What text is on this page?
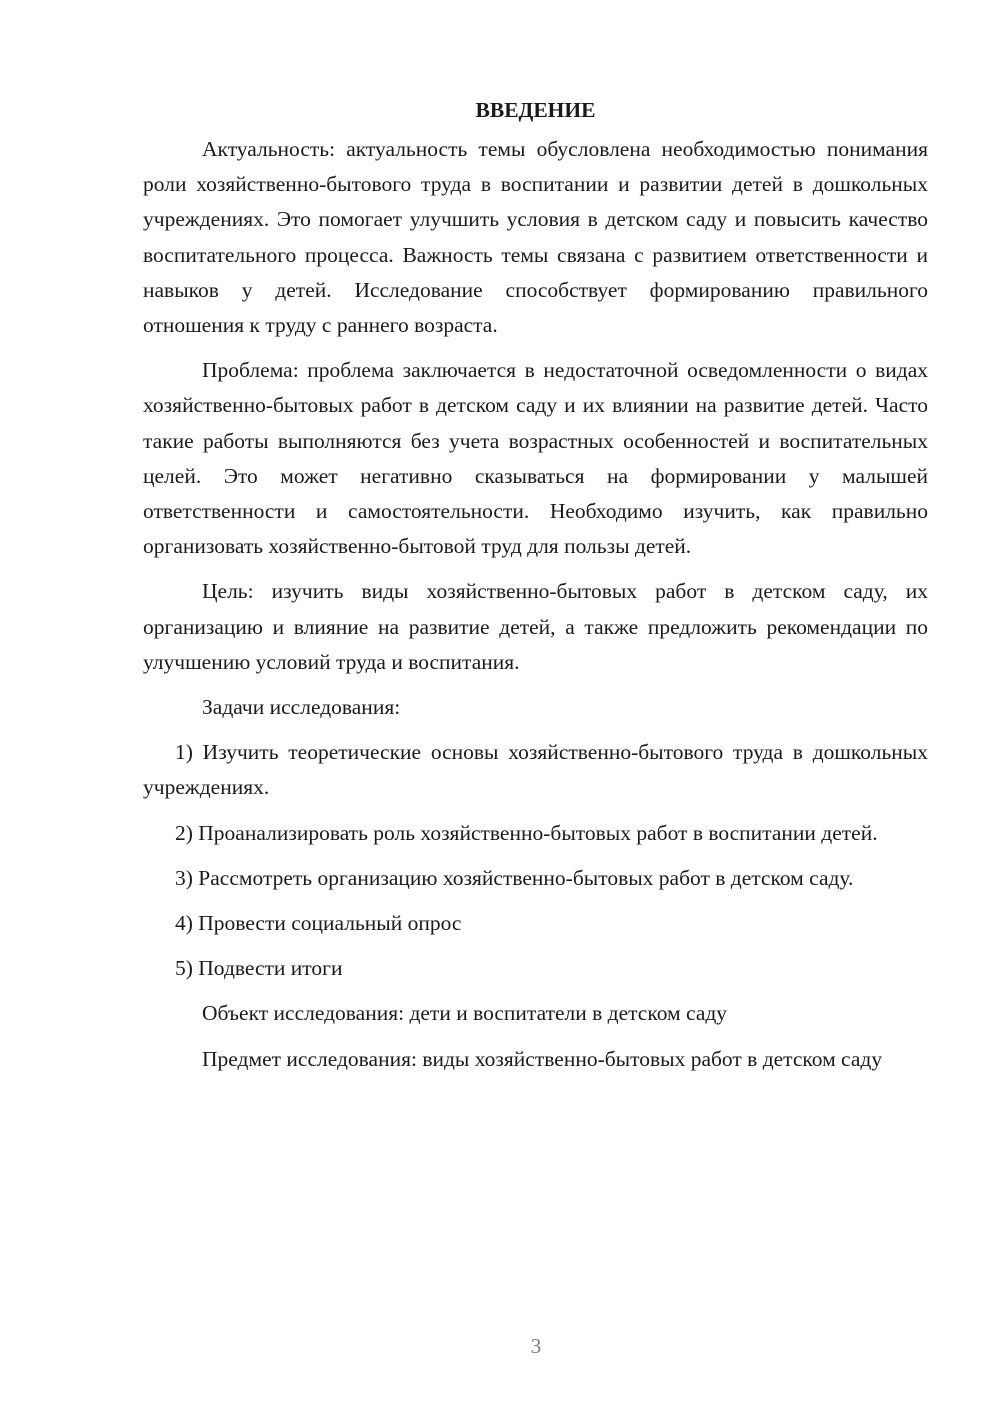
ВВЕДЕНИЕ

Актуальность: актуальность темы обусловлена необходимостью понимания роли хозяйственно-бытового труда в воспитании и развитии детей в дошкольных учреждениях. Это помогает улучшить условия в детском саду и повысить качество воспитательного процесса. Важность темы связана с развитием ответственности и навыков у детей. Исследование способствует формированию правильного отношения к труду с раннего возраста.

Проблема: проблема заключается в недостаточной осведомленности о видах хозяйственно-бытовых работ в детском саду и их влиянии на развитие детей. Часто такие работы выполняются без учета возрастных особенностей и воспитательных целей. Это может негативно сказываться на формировании у малышей ответственности и самостоятельности. Необходимо изучить, как правильно организовать хозяйственно-бытовой труд для пользы детей.

Цель: изучить виды хозяйственно-бытовых работ в детском саду, их организацию и влияние на развитие детей, а также предложить рекомендации по улучшению условий труда и воспитания.

Задачи исследования:

1) Изучить теоретические основы хозяйственно-бытового труда в дошкольных учреждениях.

2) Проанализировать роль хозяйственно-бытовых работ в воспитании детей.

3) Рассмотреть организацию хозяйственно-бытовых работ в детском саду.

4) Провести социальный опрос

5) Подвести итоги

Объект исследования: дети и воспитатели в детском саду

Предмет исследования: виды хозяйственно-бытовых работ в детском саду

3
